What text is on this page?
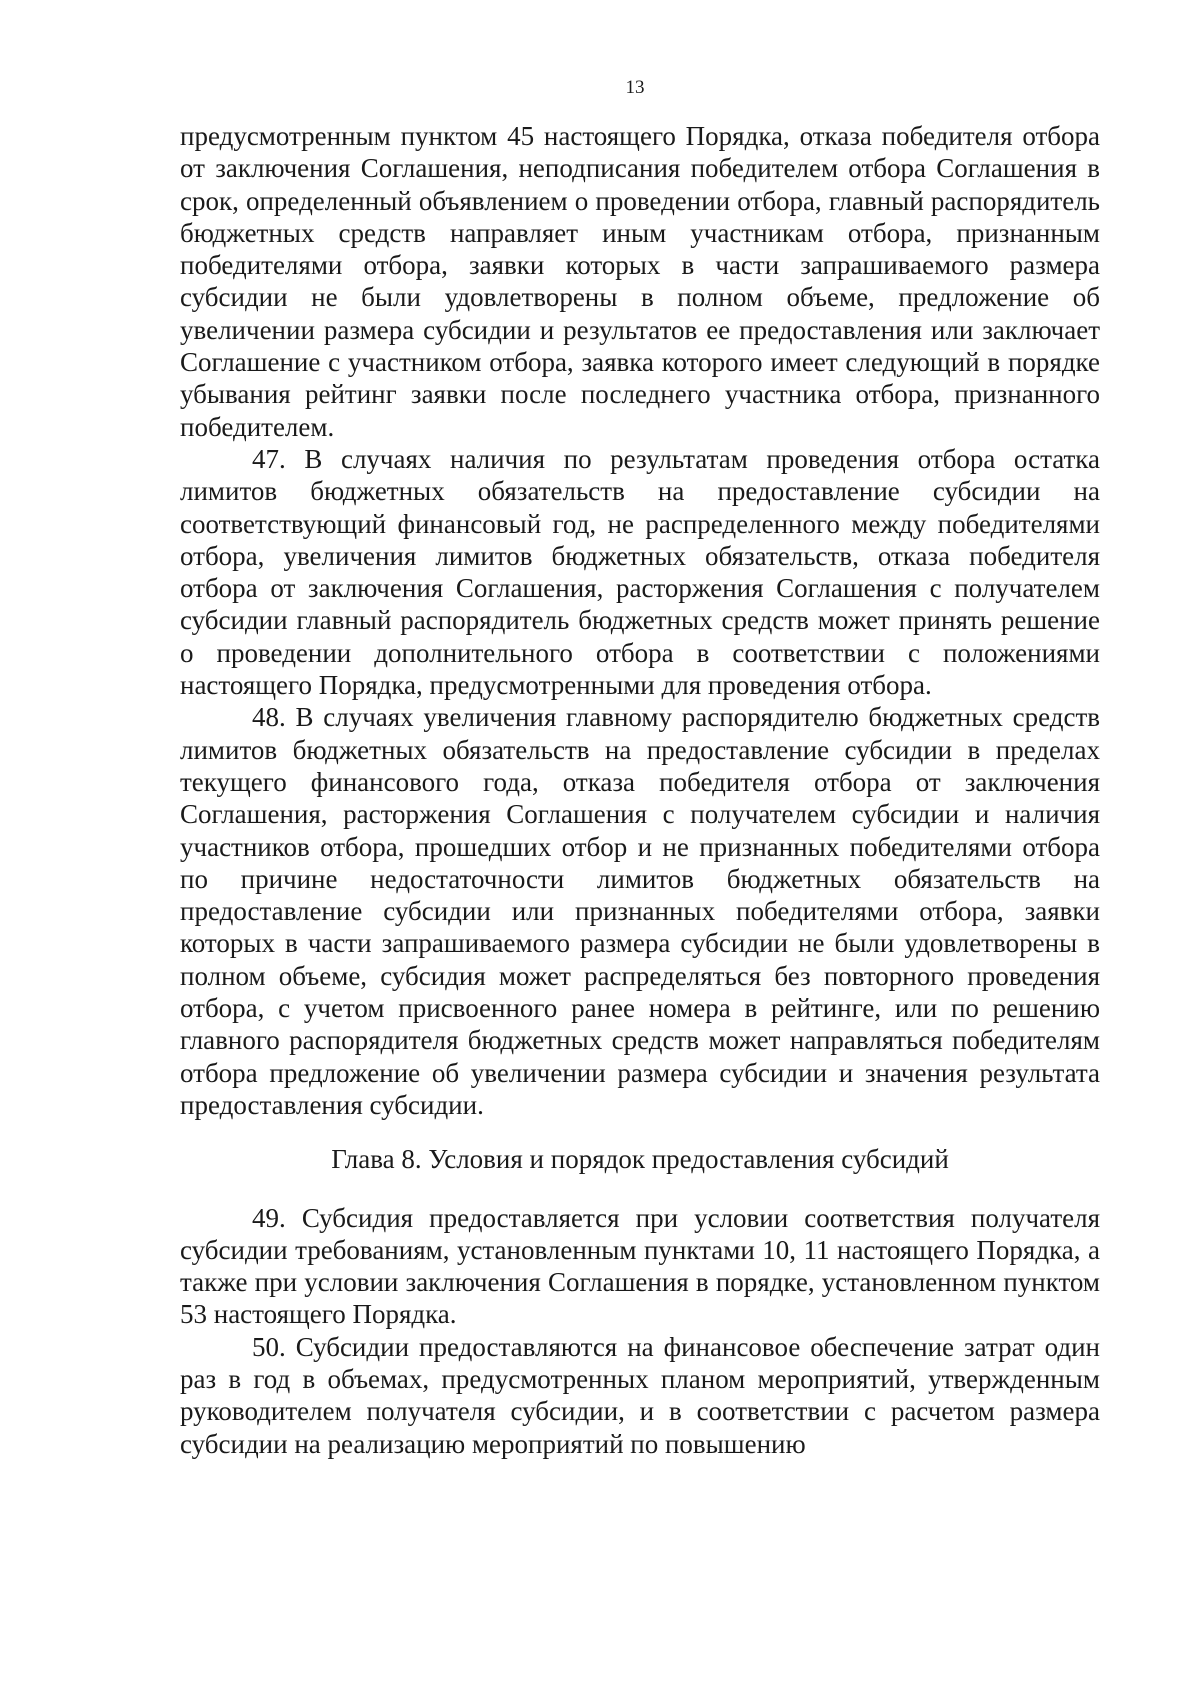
13

предусмотренным пунктом 45 настоящего Порядка, отказа победителя отбора от заключения Соглашения, неподписания победителем отбора Соглашения в срок, определенный объявлением о проведении отбора, главный распорядитель бюджетных средств направляет иным участникам отбора, признанным победителями отбора, заявки которых в части запрашиваемого размера субсидии не были удовлетворены в полном объеме, предложение об увеличении размера субсидии и результатов ее предоставления или заключает Соглашение с участником отбора, заявка которого имеет следующий в порядке убывания рейтинг заявки после последнего участника отбора, признанного победителем.

47. В случаях наличия по результатам проведения отбора остатка лимитов бюджетных обязательств на предоставление субсидии на соответствующий финансовый год, не распределенного между победителями отбора, увеличения лимитов бюджетных обязательств, отказа победителя отбора от заключения Соглашения, расторжения Соглашения с получателем субсидии главный распорядитель бюджетных средств может принять решение о проведении дополнительного отбора в соответствии с положениями настоящего Порядка, предусмотренными для проведения отбора.

48. В случаях увеличения главному распорядителю бюджетных средств лимитов бюджетных обязательств на предоставление субсидии в пределах текущего финансового года, отказа победителя отбора от заключения Соглашения, расторжения Соглашения с получателем субсидии и наличия участников отбора, прошедших отбор и не признанных победителями отбора по причине недостаточности лимитов бюджетных обязательств на предоставление субсидии или признанных победителями отбора, заявки которых в части запрашиваемого размера субсидии не были удовлетворены в полном объеме, субсидия может распределяться без повторного проведения отбора, с учетом присвоенного ранее номера в рейтинге, или по решению главного распорядителя бюджетных средств может направляться победителям отбора предложение об увеличении размера субсидии и значения результата предоставления субсидии.

Глава 8. Условия и порядок предоставления субсидий

49. Субсидия предоставляется при условии соответствия получателя субсидии требованиям, установленным пунктами 10, 11 настоящего Порядка, а также при условии заключения Соглашения в порядке, установленном пунктом 53 настоящего Порядка.

50. Субсидии предоставляются на финансовое обеспечение затрат один раз в год в объемах, предусмотренных планом мероприятий, утвержденным руководителем получателя субсидии, и в соответствии с расчетом размера субсидии на реализацию мероприятий по повышению
